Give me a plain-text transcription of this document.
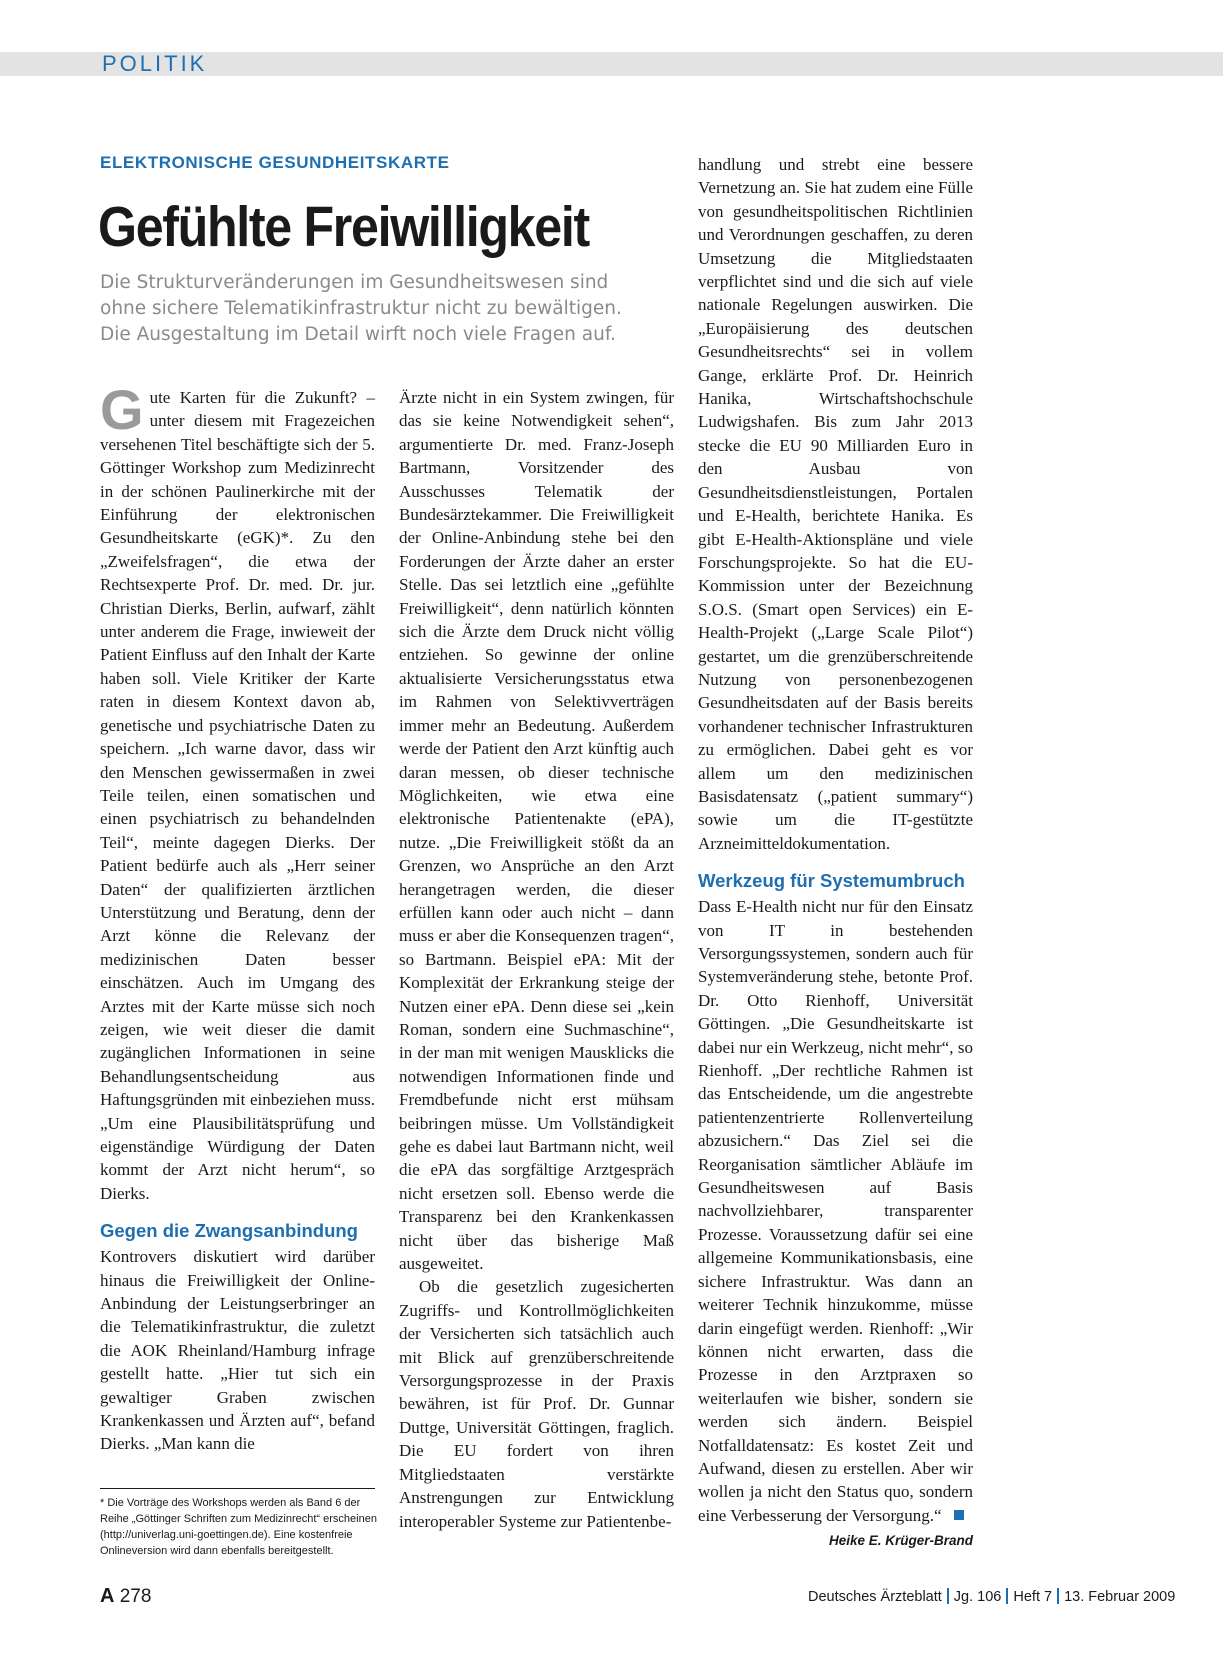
POLITIK
ELEKTRONISCHE GESUNDHEITSKARTE
Gefühlte Freiwilligkeit
Die Strukturveränderungen im Gesundheitswesen sind
ohne sichere Telematikinfrastruktur nicht zu bewältigen.
Die Ausgestaltung im Detail wirft noch viele Fragen auf.

Gute Karten für die Zukunft? – unter diesem mit Fragezeichen versehenen Titel beschäftigte sich der 5. Göttinger Workshop zum Medizinrecht in der schönen Paulinerkirche mit der Einführung der elektronischen Gesundheitskarte (eGK)*. Zu den „Zweifelsfragen“, die etwa der Rechtsexperte Prof. Dr. med. Dr. jur. Christian Dierks, Berlin, aufwarf, zählt unter anderem die Frage, inwieweit der Patient Einfluss auf den Inhalt der Karte haben soll. Viele Kritiker der Karte raten in diesem Kontext davon ab, genetische und psychiatrische Daten zu speichern. „Ich warne davor, dass wir den Menschen gewissermaßen in zwei Teile teilen, einen somatischen und einen psychiatrisch zu behandelnden Teil“, meinte dagegen Dierks. Der Patient bedürfe auch als „Herr seiner Daten“ der qualifizierten ärztlichen Unterstützung und Beratung, denn der Arzt könne die Relevanz der medizinischen Daten besser einschätzen. Auch im Umgang des Arztes mit der Karte müsse sich noch zeigen, wie weit dieser die damit zugänglichen Informationen in seine Behandlungsentscheidung aus Haftungsgründen mit einbeziehen muss. „Um eine Plausibilitätsprüfung und eigenständige Würdigung der Daten kommt der Arzt nicht herum“, so Dierks.

Gegen die Zwangsanbindung

Kontrovers diskutiert wird darüber hinaus die Freiwilligkeit der Online-Anbindung der Leistungserbringer an die Telematikinfrastruktur, die zuletzt die AOK Rheinland/Hamburg infrage gestellt hatte. „Hier tut sich ein gewaltiger Graben zwischen Krankenkassen und Ärzten auf“, befand Dierks. „Man kann die

Ärzte nicht in ein System zwingen, für das sie keine Notwendigkeit sehen“, argumentierte Dr. med. Franz-Joseph Bartmann, Vorsitzender des Ausschusses Telematik der Bundesärztekammer. Die Freiwilligkeit der Online-Anbindung stehe bei den Forderungen der Ärzte daher an erster Stelle. Das sei letztlich eine „gefühlte Freiwilligkeit“, denn natürlich könnten sich die Ärzte dem Druck nicht völlig entziehen. So gewinne der online aktualisierte Versicherungsstatus etwa im Rahmen von Selektivverträgen immer mehr an Bedeutung. Außerdem werde der Patient den Arzt künftig auch daran messen, ob dieser technische Möglichkeiten, wie etwa eine elektronische Patientenakte (ePA), nutze. „Die Freiwilligkeit stößt da an Grenzen, wo Ansprüche an den Arzt herangetragen werden, die dieser erfüllen kann oder auch nicht – dann muss er aber die Konsequenzen tragen“, so Bartmann. Beispiel ePA: Mit der Komplexität der Erkrankung steige der Nutzen einer ePA. Denn diese sei „kein Roman, sondern eine Suchmaschine“, in der man mit wenigen Mausklicks die notwendigen Informationen finde und Fremdbefunde nicht erst mühsam beibringen müsse. Um Vollständigkeit gehe es dabei laut Bartmann nicht, weil die ePA das sorgfältige Arztgespräch nicht ersetzen soll. Ebenso werde die Transparenz bei den Krankenkassen nicht über das bisherige Maß ausgeweitet.

Ob die gesetzlich zugesicherten Zugriffs- und Kontrollmöglichkeiten der Versicherten sich tatsächlich auch mit Blick auf grenzüberschreitende Versorgungsprozesse in der Praxis bewähren, ist für Prof. Dr. Gunnar Duttge, Universität Göttingen, fraglich. Die EU fordert von ihren Mitgliedstaaten verstärkte Anstrengungen zur Entwicklung interoperabler Systeme zur Patientenbe-

handlung und strebt eine bessere Vernetzung an. Sie hat zudem eine Fülle von gesundheitspolitischen Richtlinien und Verordnungen geschaffen, zu deren Umsetzung die Mitgliedstaaten verpflichtet sind und die sich auf viele nationale Regelungen auswirken. Die „Europäisierung des deutschen Gesundheitsrechts“ sei in vollem Gange, erklärte Prof. Dr. Heinrich Hanika, Wirtschaftshochschule Ludwigshafen. Bis zum Jahr 2013 stecke die EU 90 Milliarden Euro in den Ausbau von Gesundheitsdienstleistungen, Portalen und E-Health, berichtete Hanika. Es gibt E-Health-Aktionspläne und viele Forschungsprojekte. So hat die EU-Kommission unter der Bezeichnung S.O.S. (Smart open Services) ein E-Health-Projekt („Large Scale Pilot“) gestartet, um die grenzüberschreitende Nutzung von personenbezogenen Gesundheitsdaten auf der Basis bereits vorhandener technischer Infrastrukturen zu ermöglichen. Dabei geht es vor allem um den medizinischen Basisdatensatz („patient summary“) sowie um die IT-gestützte Arzneimitteldokumentation.

Werkzeug für Systemumbruch

Dass E-Health nicht nur für den Einsatz von IT in bestehenden Versorgungssystemen, sondern auch für Systemveränderung stehe, betonte Prof. Dr. Otto Rienhoff, Universität Göttingen. „Die Gesundheitskarte ist dabei nur ein Werkzeug, nicht mehr“, so Rienhoff. „Der rechtliche Rahmen ist das Entscheidende, um die angestrebte patientenzentrierte Rollenverteilung abzusichern.“ Das Ziel sei die Reorganisation sämtlicher Abläufe im Gesundheitswesen auf Basis nachvollziehbarer, transparenter Prozesse. Voraussetzung dafür sei eine allgemeine Kommunikationsbasis, eine sichere Infrastruktur. Was dann an weiterer Technik hinzukomme, müsse darin eingefügt werden. Rienhoff: „Wir können nicht erwarten, dass die Prozesse in den Arztpraxen so weiterlaufen wie bisher, sondern sie werden sich ändern. Beispiel Notfalldatensatz: Es kostet Zeit und Aufwand, diesen zu erstellen. Aber wir wollen ja nicht den Status quo, sondern eine Verbesserung der Versorgung.“

Heike E. Krüger-Brand
* Die Vorträge des Workshops werden als Band 6 der Reihe „Göttinger Schriften zum Medizinrecht“ erscheinen (http://univerlag.uni-goettingen.de). Eine kostenfreie Onlineversion wird dann ebenfalls bereitgestellt.
A 278	Deutsches Ärzteblatt Jg. 106 Heft 7 13. Februar 2009
